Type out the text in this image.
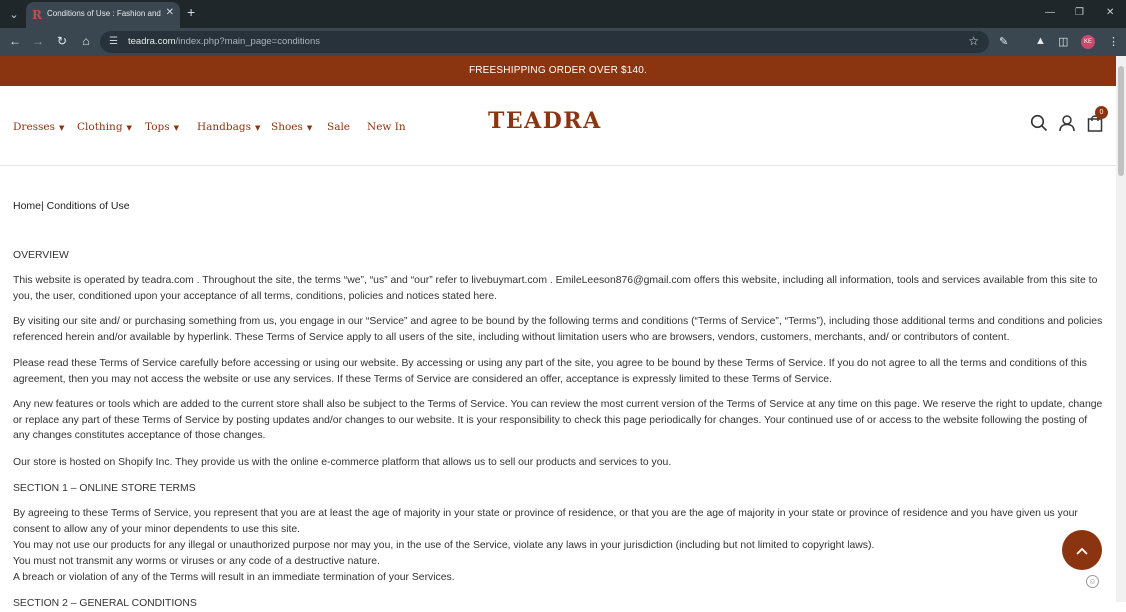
⌄	R Conditions of Use : Fashion and ✕ +	— ❐ ✕
← → ↻	⌂	☰ teadra.com/index.php?main_page=conditions	☆ ✎ ▲ ◫	⋮
KE
FREESHIPPING ORDER OVER $140.
Dresses ▼ Clothing ▼ Tops ▼ Handbags ▼ Shoes ▼ Sale New In	TEADRA	0
Home| Conditions of Use

OVERVIEW

This website is operated by teadra.com . Throughout the site, the terms “we”, “us” and “our” refer to livebuymart.com . EmileLeeson876@gmail.com offers this website, including all information, tools and services available from this site to you, the user, conditioned upon your acceptance of all terms, conditions, policies and notices stated here.

By visiting our site and/ or purchasing something from us, you engage in our “Service” and agree to be bound by the following terms and conditions (“Terms of Service”, “Terms”), including those additional terms and conditions and policies referenced herein and/or available by hyperlink. These Terms of Service apply to all users of the site, including without limitation users who are browsers, vendors, customers, merchants, and/ or contributors of content.

Please read these Terms of Service carefully before accessing or using our website. By accessing or using any part of the site, you agree to be bound by these Terms of Service. If you do not agree to all the terms and conditions of this agreement, then you may not access the website or use any services. If these Terms of Service are considered an offer, acceptance is expressly limited to these Terms of Service.

Any new features or tools which are added to the current store shall also be subject to the Terms of Service. You can review the most current version of the Terms of Service at any time on this page. We reserve the right to update, change or replace any part of these Terms of Service by posting updates and/or changes to our website. It is your responsibility to check this page periodically for changes. Your continued use of or access to the website following the posting of any changes constitutes acceptance of those changes.

Our store is hosted on Shopify Inc. They provide us with the online e-commerce platform that allows us to sell our products and services to you.

SECTION 1 – ONLINE STORE TERMS

By agreeing to these Terms of Service, you represent that you are at least the age of majority in your state or province of residence, or that you are the age of majority in your state or province of residence and you have given us your consent to allow any of your minor dependents to use this site.

You may not use our products for any illegal or unauthorized purpose nor may you, in the use of the Service, violate any laws in your jurisdiction (including but not limited to copyright laws).

You must not transmit any worms or viruses or any code of a destructive nature.

A breach or violation of any of the Terms will result in an immediate termination of your Services.

SECTION 2 – GENERAL CONDITIONS

☺
